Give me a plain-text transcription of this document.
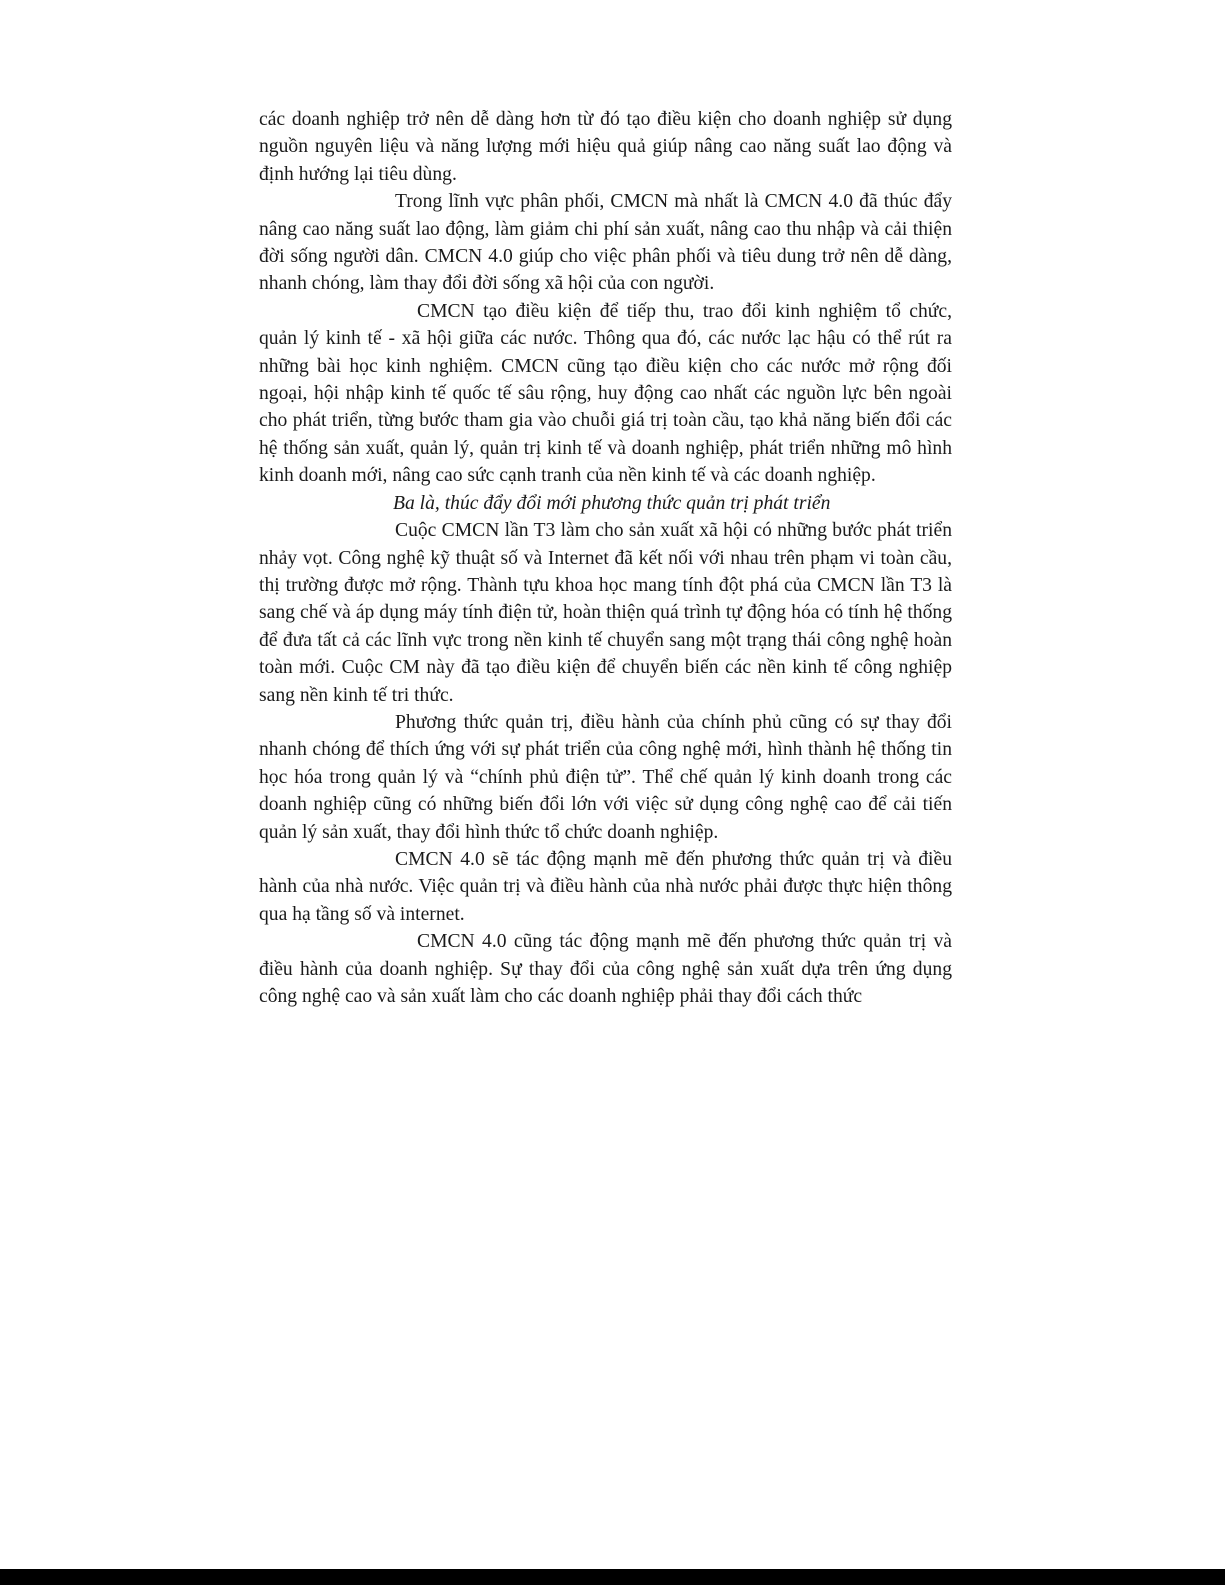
các doanh nghiệp trở nên dễ dàng hơn từ đó tạo điều kiện cho doanh nghiệp sử dụng nguồn nguyên liệu và năng lượng mới hiệu quả giúp nâng cao năng suất lao động và định hướng lại tiêu dùng.

Trong lĩnh vực phân phối, CMCN mà nhất là CMCN 4.0 đã thúc đẩy nâng cao năng suất lao động, làm giảm chi phí sản xuất, nâng cao thu nhập và cải thiện đời sống người dân. CMCN 4.0 giúp cho việc phân phối và tiêu dung trở nên dễ dàng, nhanh chóng, làm thay đổi đời sống xã hội của con người.

CMCN tạo điều kiện để tiếp thu, trao đổi kinh nghiệm tổ chức, quản lý kinh tế - xã hội giữa các nước. Thông qua đó, các nước lạc hậu có thể rút ra những bài học kinh nghiệm. CMCN cũng tạo điều kiện cho các nước mở rộng đối ngoại, hội nhập kinh tế quốc tế sâu rộng, huy động cao nhất các nguồn lực bên ngoài cho phát triển, từng bước tham gia vào chuỗi giá trị toàn cầu, tạo khả năng biến đổi các hệ thống sản xuất, quản lý, quản trị kinh tế và doanh nghiệp, phát triển những mô hình kinh doanh mới, nâng cao sức cạnh tranh của nền kinh tế và các doanh nghiệp.

Ba là, thúc đẩy đổi mới phương thức quản trị phát triển

Cuộc CMCN lần T3 làm cho sản xuất xã hội có những bước phát triển nhảy vọt. Công nghệ kỹ thuật số và Internet đã kết nối với nhau trên phạm vi toàn cầu, thị trường được mở rộng. Thành tựu khoa học mang tính đột phá của CMCN lần T3 là sang chế và áp dụng máy tính điện tử, hoàn thiện quá trình tự động hóa có tính hệ thống để đưa tất cả các lĩnh vực trong nền kinh tế chuyển sang một trạng thái công nghệ hoàn toàn mới. Cuộc CM này đã tạo điều kiện để chuyển biến các nền kinh tế công nghiệp sang nền kinh tế tri thức.

Phương thức quản trị, điều hành của chính phủ cũng có sự thay đổi nhanh chóng để thích ứng với sự phát triển của công nghệ mới, hình thành hệ thống tin học hóa trong quản lý và “chính phủ điện tử”. Thể chế quản lý kinh doanh trong các doanh nghiệp cũng có những biến đổi lớn với việc sử dụng công nghệ cao để cải tiến quản lý sản xuất, thay đổi hình thức tổ chức doanh nghiệp.

CMCN 4.0 sẽ tác động mạnh mẽ đến phương thức quản trị và điều hành của nhà nước. Việc quản trị và điều hành của nhà nước phải được thực hiện thông qua hạ tầng số và internet.

CMCN 4.0 cũng tác động mạnh mẽ đến phương thức quản trị và điều hành của doanh nghiệp. Sự thay đổi của công nghệ sản xuất dựa trên ứng dụng công nghệ cao và sản xuất làm cho các doanh nghiệp phải thay đổi cách thức
